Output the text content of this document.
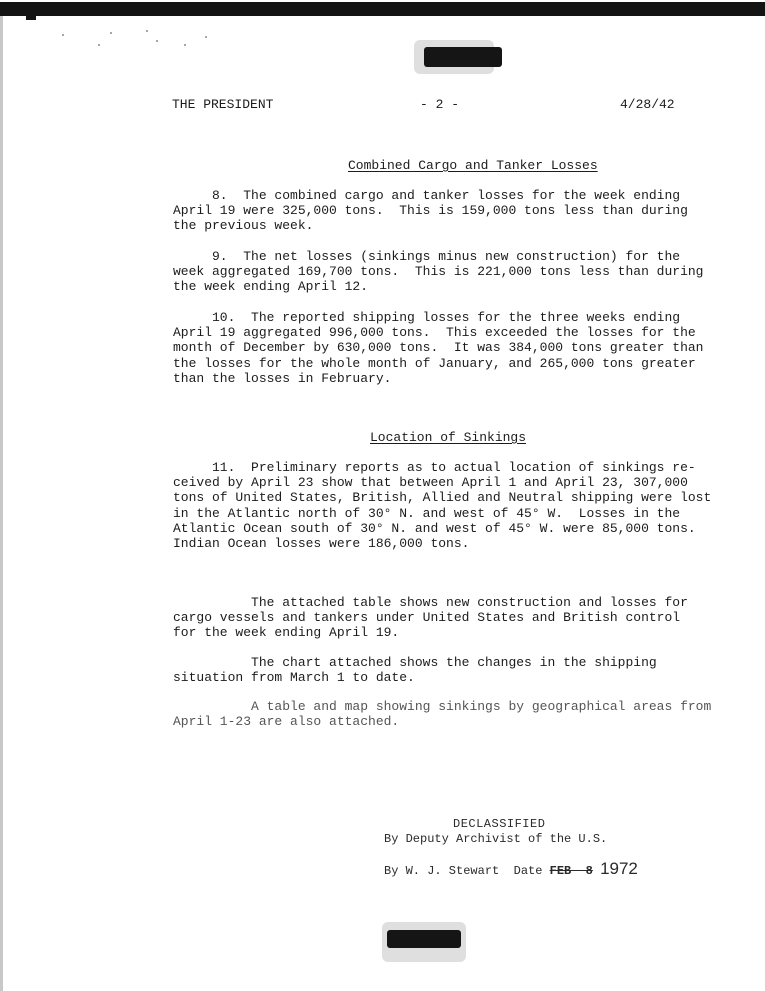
THE PRESIDENT	- 2 -	4/28/42
Combined Cargo and Tanker Losses
8.  The combined cargo and tanker losses for the week ending
April 19 were 325,000 tons.  This is 159,000 tons less than during
the previous week.
9.  The net losses (sinkings minus new construction) for the
week aggregated 169,700 tons.  This is 221,000 tons less than during
the week ending April 12.
10.  The reported shipping losses for the three weeks ending
April 19 aggregated 996,000 tons.  This exceeded the losses for the
month of December by 630,000 tons.  It was 384,000 tons greater than
the losses for the whole month of January, and 265,000 tons greater
than the losses in February.
Location of Sinkings
11.  Preliminary reports as to actual location of sinkings re-
ceived by April 23 show that between April 1 and April 23, 307,000
tons of United States, British, Allied and Neutral shipping were lost
in the Atlantic north of 30° N. and west of 45° W.  Losses in the
Atlantic Ocean south of 30° N. and west of 45° W. were 85,000 tons.
Indian Ocean losses were 186,000 tons.
The attached table shows new construction and losses for
cargo vessels and tankers under United States and British control
for the week ending April 19.
The chart attached shows the changes in the shipping
situation from March 1 to date.
A table and map showing sinkings by geographical areas from
April 1-23 are also attached.
DECLASSIFIED
By Deputy Archivist of the U.S.
By W. J. Stewart  Date FEB  8 1972
